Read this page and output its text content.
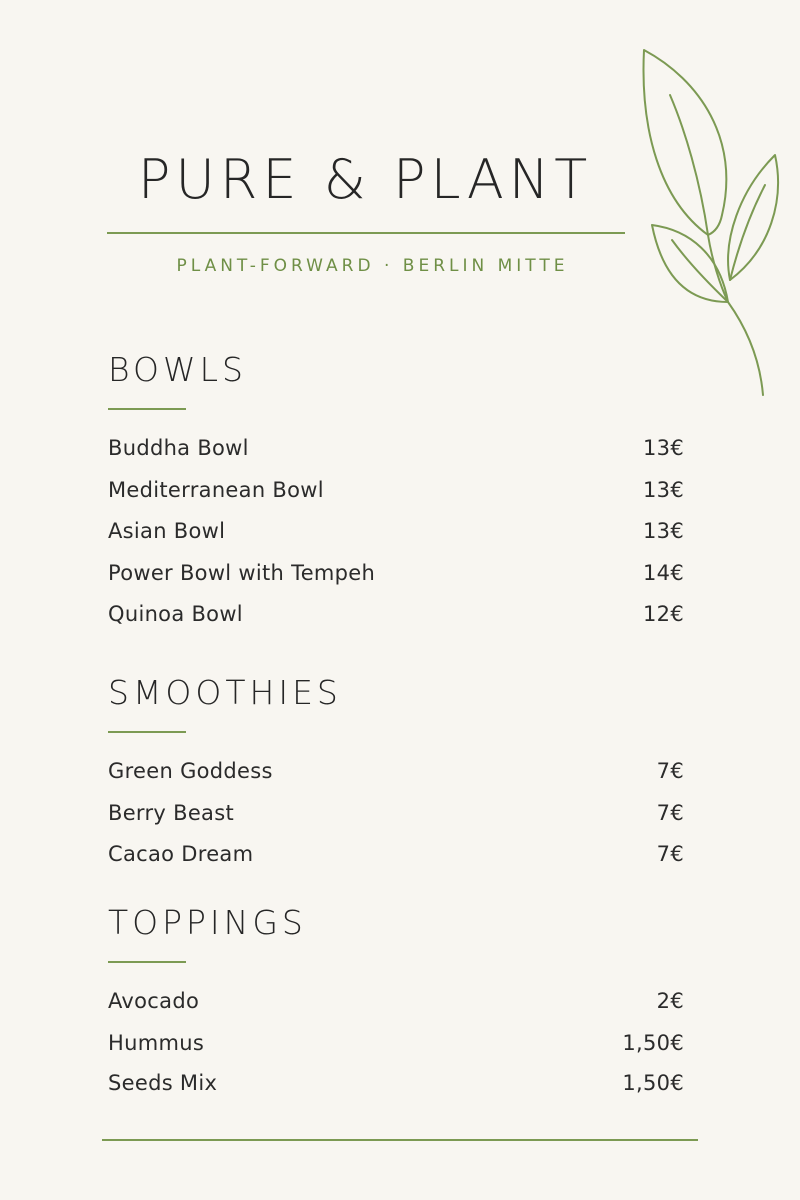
PURE & PLANT
PLANT-FORWARD · BERLIN MITTE
BOWLS
Buddha Bowl	13€
Mediterranean Bowl	13€
Asian Bowl	13€
Power Bowl with Tempeh	14€
Quinoa Bowl	12€
SMOOTHIES
Green Goddess	7€
Berry Beast	7€
Cacao Dream	7€
TOPPINGS
Avocado	2€
Hummus	1,50€
Seeds Mix	1,50€
